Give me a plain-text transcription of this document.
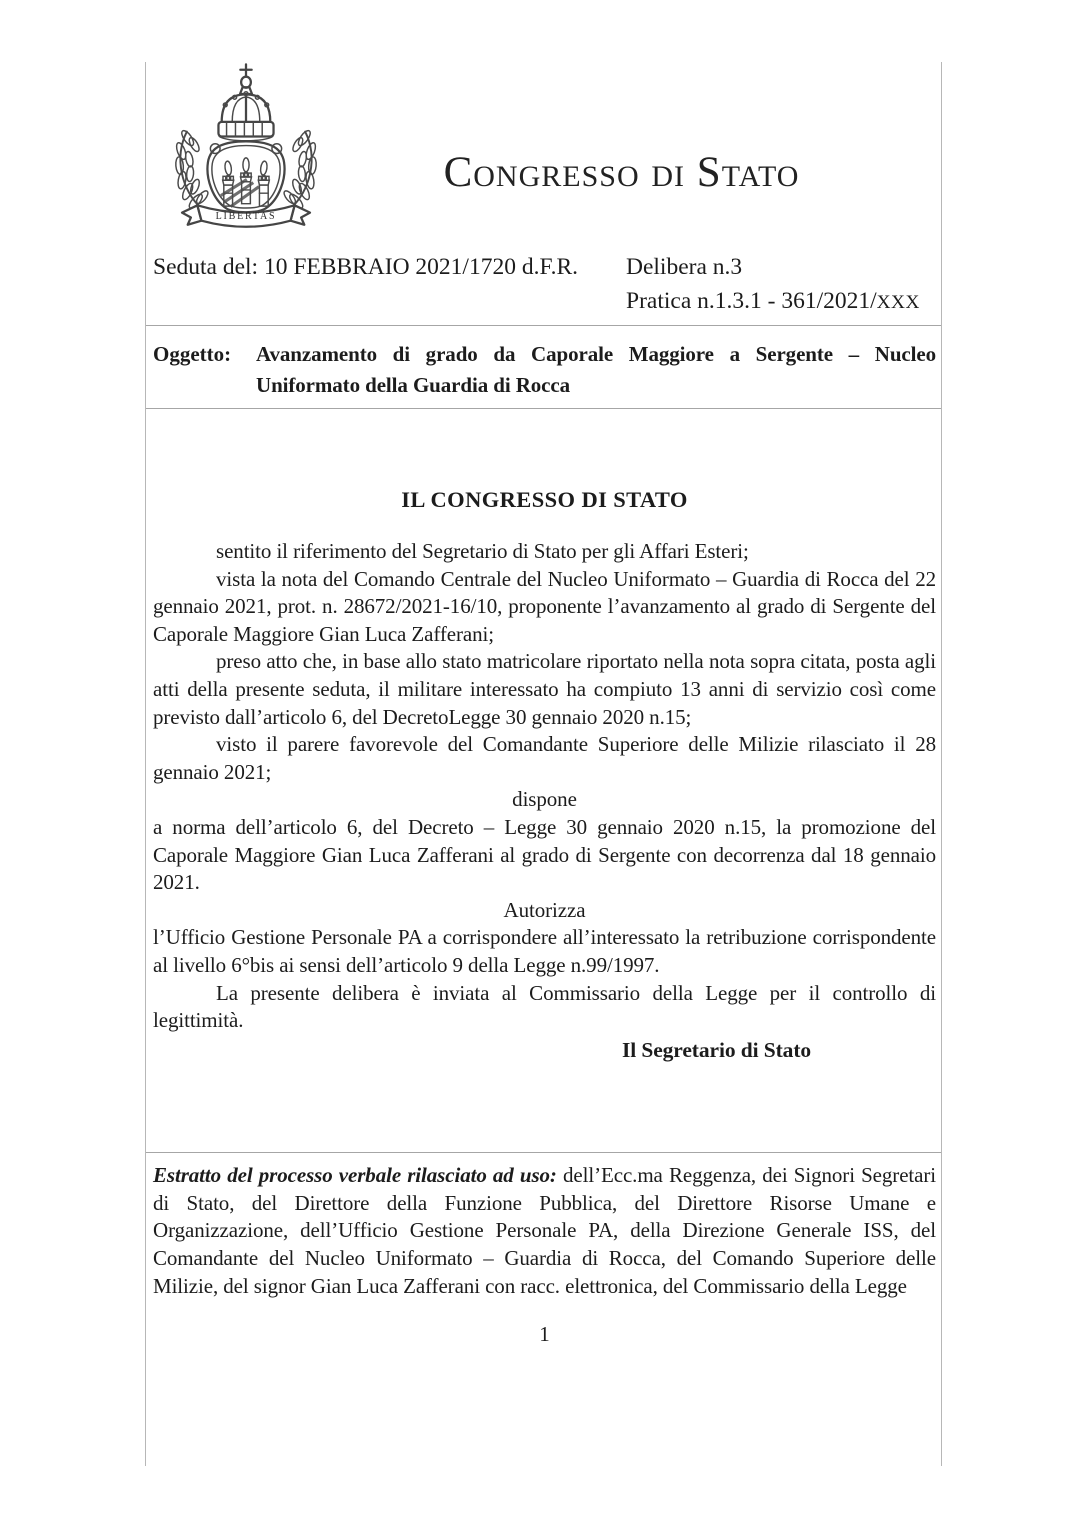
LIBERTAS
Congresso di Stato
Seduta del: 10 FEBBRAIO 2021/1720 d.F.R.	Delibera n.3
Pratica n.1.3.1 - 361/2021/XXX
Oggetto:	Avanzamento di grado da Caporale Maggiore a Sergente – Nucleo Uniformato della Guardia di Rocca
IL CONGRESSO DI STATO

sentito il riferimento del Segretario di Stato per gli Affari Esteri;

vista la nota del Comando Centrale del Nucleo Uniformato – Guardia di Rocca del 22 gennaio 2021, prot. n. 28672/2021-16/10, proponente l’avanzamento al grado di Sergente del Caporale Maggiore Gian Luca Zafferani;

preso atto che, in base allo stato matricolare riportato nella nota sopra citata, posta agli atti della presente seduta, il militare interessato ha compiuto 13 anni di servizio così come previsto dall’articolo 6, del DecretoLegge 30 gennaio 2020 n.15;

visto il parere favorevole del Comandante Superiore delle Milizie rilasciato il 28 gennaio 2021;

dispone

a norma dell’articolo 6, del Decreto – Legge 30 gennaio 2020 n.15, la promozione del Caporale Maggiore Gian Luca Zafferani al grado di Sergente con decorrenza dal 18 gennaio 2021.

Autorizza

l’Ufficio Gestione Personale PA a corrispondere all’interessato la retribuzione corrispondente al livello 6°bis ai sensi dell’articolo 9 della Legge n.99/1997.

La presente delibera è inviata al Commissario della Legge per il controllo di legittimità.

Il Segretario di Stato

Estratto del processo verbale rilasciato ad uso: dell’Ecc.ma Reggenza, dei Signori Segretari di Stato, del Direttore della Funzione Pubblica, del Direttore Risorse Umane e Organizzazione, dell’Ufficio Gestione Personale PA, della Direzione Generale ISS, del Comandante del Nucleo Uniformato – Guardia di Rocca, del Comando Superiore delle Milizie, del signor Gian Luca Zafferani con racc. elettronica, del Commissario della Legge

1
